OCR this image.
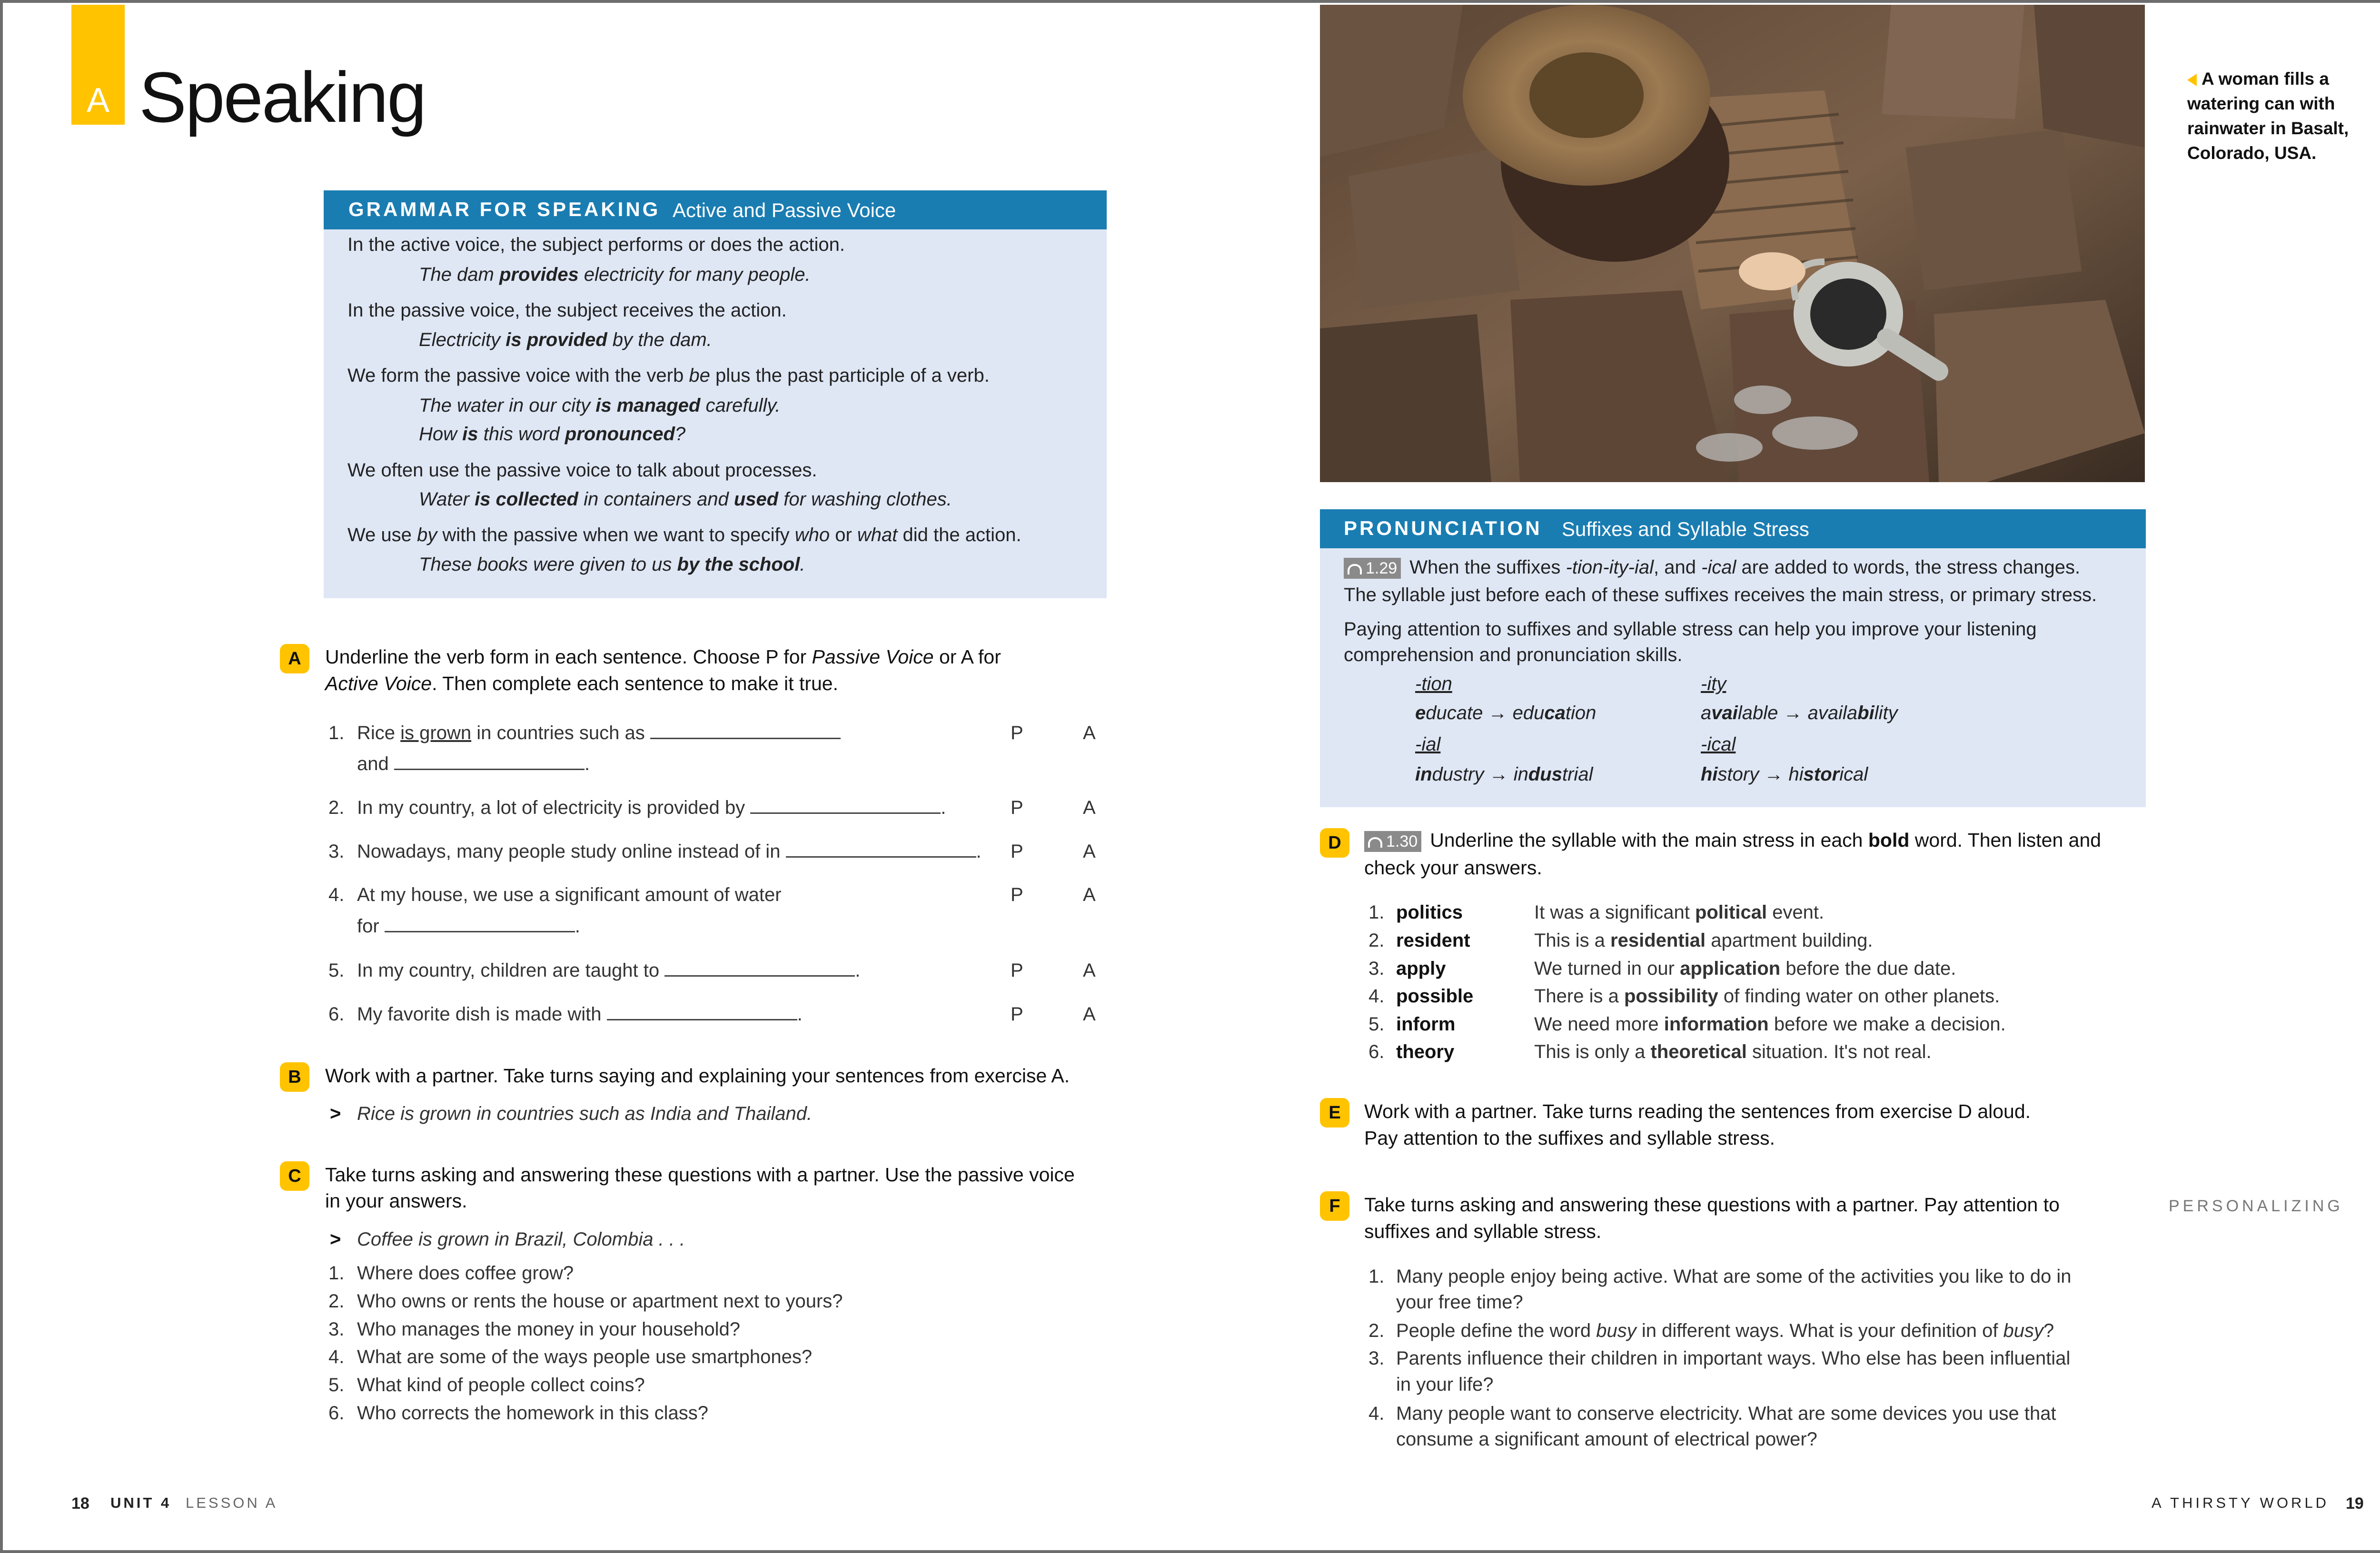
A Speaking
GRAMMAR FOR SPEAKING Active and Passive Voice
In the active voice, the subject performs or does the action.
The dam provides electricity for many people.
In the passive voice, the subject receives the action.
Electricity is provided by the dam.
We form the passive voice with the verb be plus the past participle of a verb.
The water in our city is managed carefully.
How is this word pronounced?
We often use the passive voice to talk about processes.
Water is collected in containers and used for washing clothes.
We use by with the passive when we want to specify who or what did the action.
These books were given to us by the school.
A	Underline the verb form in each sentence. Choose P for Passive Voice or A for
Active Voice. Then complete each sentence to make it true.
1. Rice is grown in countries such as
and	.
P	A
2. In my country, a lot of electricity is provided by	.	P	A
3. Nowadays, many people study online instead of in	. P	A
4. At my house, we use a significant amount of water
for	.
P	A
5. In my country, children are taught to	.	P	A
6. My favorite dish is made with	.	P	A
B	Work with a partner. Take turns saying and explaining your sentences from exercise A.
> Rice is grown in countries such as India and Thailand.
C	Take turns asking and answering these questions with a partner. Use the passive voice
in your answers.
> Coffee is grown in Brazil, Colombia . . .
1. Where does coffee grow?
2. Who owns or rents the house or apartment next to yours?
3. Who manages the money in your household?
4. What are some of the ways people use smartphones?
5. What kind of people collect coins?
6. Who corrects the homework in this class?
18 UNIT 4 LESSON A
A woman fills a watering can with rainwater in Basalt, Colorado, USA.
PRONUNCIATION Suffixes and Syllable Stress
1.29 When the suffixes -tion-ity-ial, and -ical are added to words, the stress changes.
The syllable just before each of these suffixes receives the main stress, or primary stress.
Paying attention to suffixes and syllable stress can help you improve your listening
comprehension and pronunciation skills.
-tion	-ity
educate → education	available → availability
-ial	-ical
industry → industrial	history → historical
D	1.30 Underline the syllable with the main stress in each bold word. Then listen and
check your answers.
1. politics	It was a significant political event.
2. resident	This is a residential apartment building.
3. apply	We turned in our application before the due date.
4. possible	There is a possibility of finding water on other planets.
5. inform	We need more information before we make a decision.
6. theory	This is only a theoretical situation. It's not real.
E	Work with a partner. Take turns reading the sentences from exercise D aloud.
Pay attention to the suffixes and syllable stress.
F	Take turns asking and answering these questions with a partner. Pay attention to
suffixes and syllable stress.
PERSONALIZING
1. Many people enjoy being active. What are some of the activities you like to do in
your free time?
2. People define the word busy in different ways. What is your definition of busy?
3. Parents influence their children in important ways. Who else has been influential
in your life?
4. Many people want to conserve electricity. What are some devices you use that
consume a significant amount of electrical power?
A THIRSTY WORLD 19
